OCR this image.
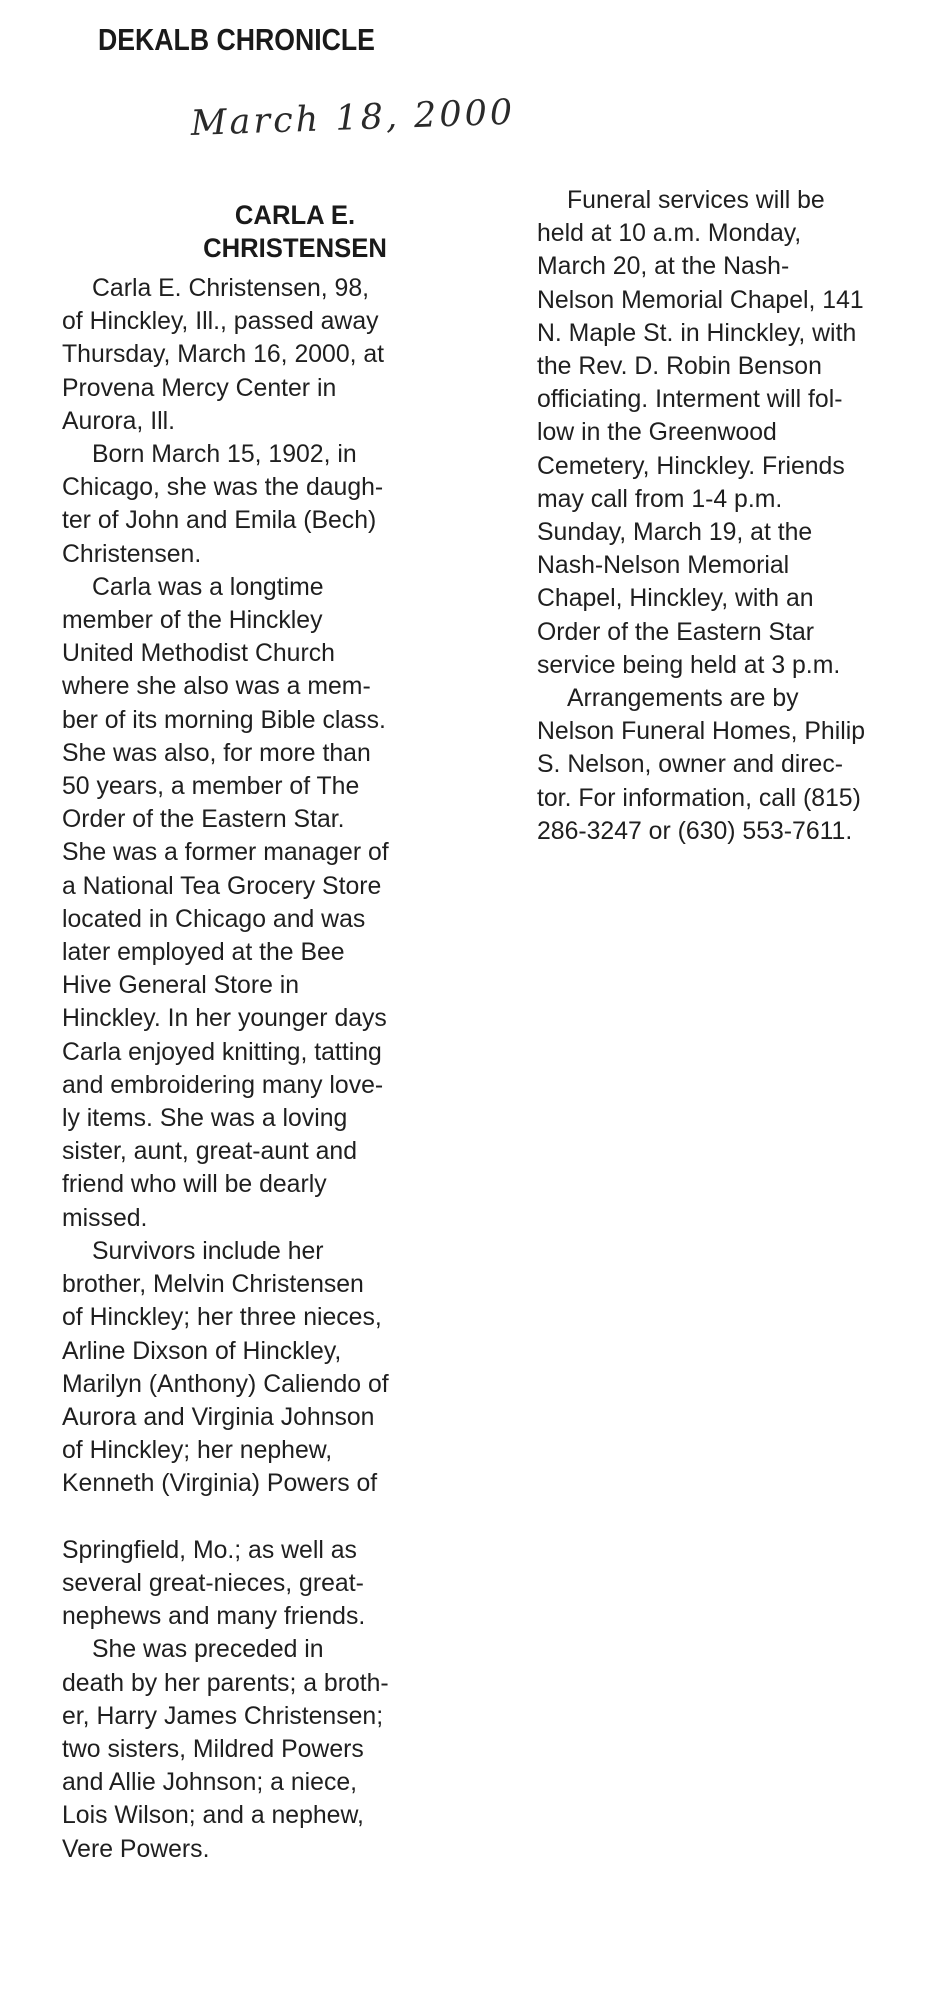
DEKALB CHRONICLE
March 18, 2000
CARLA E.
CHRISTENSEN
Carla E. Christensen, 98,
of Hinckley, Ill., passed away
Thursday, March 16, 2000, at
Provena Mercy Center in
Aurora, Ill.
Born March 15, 1902, in
Chicago, she was the daugh-
ter of John and Emila (Bech)
Christensen.
Carla was a longtime
member of the Hinckley
United Methodist Church
where she also was a mem-
ber of its morning Bible class.
She was also, for more than
50 years, a member of The
Order of the Eastern Star.
She was a former manager of
a National Tea Grocery Store
located in Chicago and was
later employed at the Bee
Hive General Store in
Hinckley. In her younger days
Carla enjoyed knitting, tatting
and embroidering many love-
ly items. She was a loving
sister, aunt, great-aunt and
friend who will be dearly
missed.
Survivors include her
brother, Melvin Christensen
of Hinckley; her three nieces,
Arline Dixson of Hinckley,
Marilyn (Anthony) Caliendo of
Aurora and Virginia Johnson
of Hinckley; her nephew,
Kenneth (Virginia) Powers of
Springfield, Mo.; as well as
several great-nieces, great-
nephews and many friends.
She was preceded in
death by her parents; a broth-
er, Harry James Christensen;
two sisters, Mildred Powers
and Allie Johnson; a niece,
Lois Wilson; and a nephew,
Vere Powers.
Funeral services will be
held at 10 a.m. Monday,
March 20, at the Nash-
Nelson Memorial Chapel, 141
N. Maple St. in Hinckley, with
the Rev. D. Robin Benson
officiating. Interment will fol-
low in the Greenwood
Cemetery, Hinckley. Friends
may call from 1-4 p.m.
Sunday, March 19, at the
Nash-Nelson Memorial
Chapel, Hinckley, with an
Order of the Eastern Star
service being held at 3 p.m.
Arrangements are by
Nelson Funeral Homes, Philip
S. Nelson, owner and direc-
tor. For information, call (815)
286-3247 or (630) 553-7611.
